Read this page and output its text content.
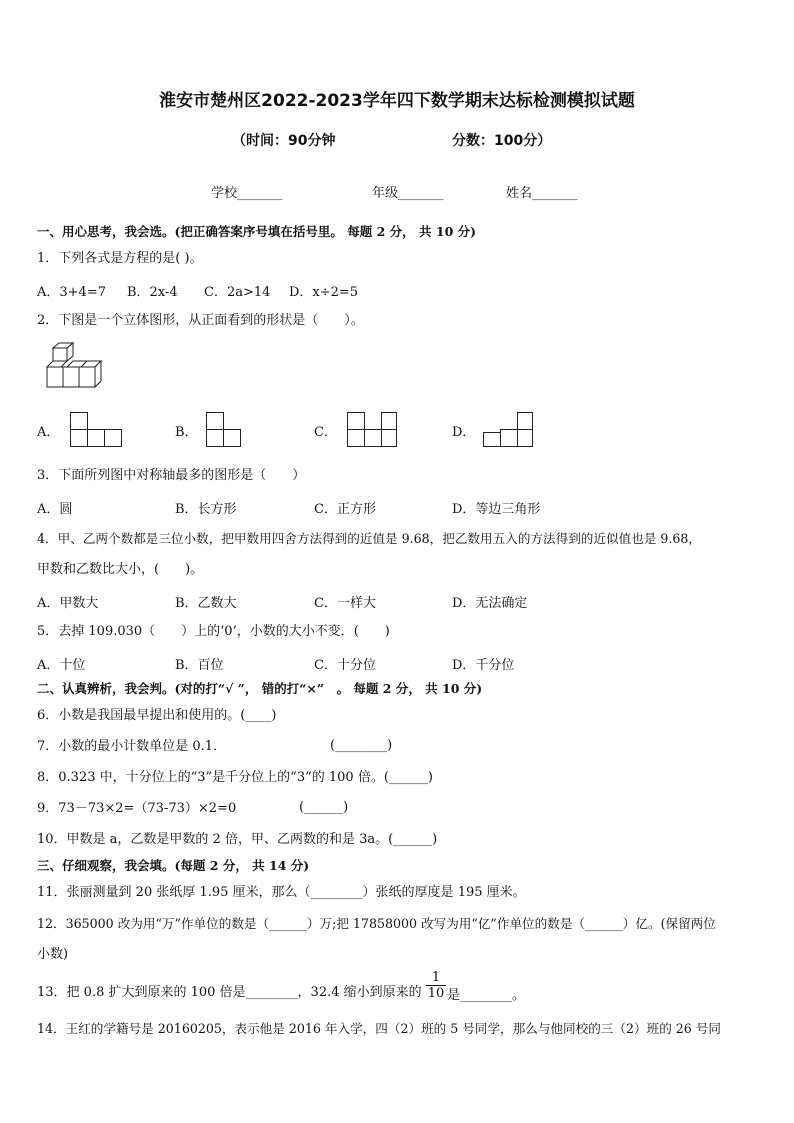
淮安市楚州区2022-2023学年四下数学期末达标检测模拟试题
（时间：90分钟	分数：100分）
学校_______	年级_______	姓名_______
一、用心思考，我会选。(把正确答案序号填在括号里。 每题 2 分， 共 10 分)
1．下列各式是方程的是( )。
A．3+4=7 B．2x-4 C．2a>14 D．x÷2=5
2．下图是一个立体图形，从正面看到的形状是（　　）。
A．	B．	C．	D．
3．下面所列图中对称轴最多的图形是（　　）
A．圆	B．长方形	C．正方形	D．等边三角形
4．甲、乙两个数都是三位小数，把甲数用四舍方法得到的近值是 9.68，把乙数用五入的方法得到的近似值也是 9.68，
甲数和乙数比大小，(　　)。
A．甲数大	B．乙数大	C．一样大	D．无法确定
5．去掉 109.030（　　）上的‘0’，小数的大小不变．(　　)
A．十位	B．百位	C．十分位	D．千分位
二、认真辨析，我会判。(对的打“√ ”， 错的打“×”　。 每题 2 分， 共 10 分)
6．小数是我国最早提出和使用的。(____)
7．小数的最小计数单位是 0.1．	(________)
8．0.323 中，十分位上的“3”是千分位上的“3”的 100 倍。(______)
9．73－73×2=（73-73）×2=0	(______)
10．甲数是 a，乙数是甲数的 2 倍，甲、乙两数的和是 3a。(______)
三、仔细观察，我会填。(每题 2 分， 共 14 分)
11．张丽测量到 20 张纸厚 1.95 厘米，那么（________）张纸的厚度是 195 厘米。
12．365000 改为用“万”作单位的数是（______）万;把 17858000 改写为用“亿”作单位的数是（______）亿。(保留两位
小数)
13．把 0.8 扩大到原来的 100 倍是________，32.4 缩小到原来的 $\frac{1}{10}$ 是________。
14．王红的学籍号是 20160205，表示他是 2016 年入学，四（2）班的 5 号同学，那么与他同校的三（2）班的 26 号同
